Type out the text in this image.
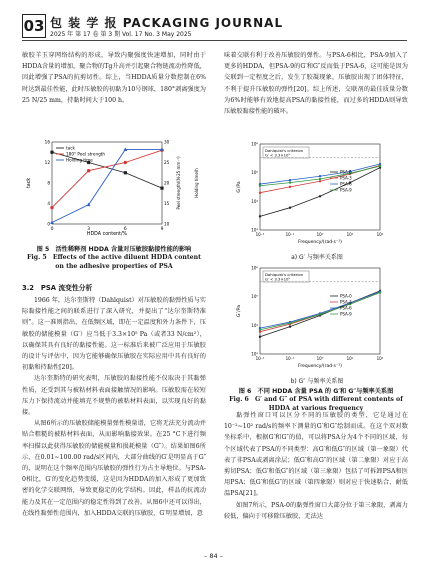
03 包 装 学 报 PACKAGING JOURNAL
2025 年 第 17 卷 第 3 期 Vol. 17 No. 3 May 2025

敏胶羊玉穿网络结构的形成，导致内聚强度快速增加，同时由于HDDA含量的增加，聚合物的Tg升高并引起聚合物链流动性降低，因此增强了PSA的抗剪切性。综上，当HDDA质量分数控制在6%时达到最佳性能，此时压敏胶的初黏为10号钢球，180°剥离强度为25 N/25 mm，持黏时间大于100 h。

0	3	6	9
0
4
8
12
16
10
15
20
25
30
tack
180° Peel strength
Holding time
HDDA content/%
tack	Peel strength/(N·25 mm⁻¹)	Holding time/h
图 5　活性稀释剂 HDDA 含量对压敏胶黏接性能的影响
Fig. 5　Effects of the active diluent HDDA content on the adhesive properties of PSA
3.2　PSA 流变性分析

1966 年，达尔奎斯特（Dahlquist）对压敏胶的黏弹性质与实际黏接性能之间的联系进行了深入研究，并提出了“达尔奎斯特准则”。这一准则指出，在低频区域，即在一定温度和外力条件下，压敏胶的储能模量（G′）应当低于3.3×10⁵ Pa（或者33 N/cm²），以确保其具有良好的黏接性能。这一标准后来被广泛应用于压敏胶的设计与评估中，因为它能够确保压敏胶在实际应用中具有良好的初黏和持黏性[20]。

达尔奎斯特的研究表明，压敏胶的黏接性能不仅取决于其黏弹性质，还受到其与被粘材料表面接触情况的影响。压敏胶需在较短压力下保持流动并能填充不规整的被粘材料表面，以实现良好的黏接。

从图6所示的压敏胶储能模量弹性模量谱，它将无法充分流动并贴合粗糙的被粘材料表面，从而影响黏接效果。在25 °C下进行频率扫描以此获得压敏胶的储能模量和损耗模量（G″）。结果如图6所示，在0.01~100.00 rad/s区间内，大部分曲线的G′是明显高于G″的，说明在这个频率范围内压敏胶的弹性行为占主导地位。与PSA-0相比，G′的变化趋势变缓，这是因为HDDA的加入形成了更加致密的化学交联网络，导致更稳定的化学结构。因此，样品的抗流动能力及其在一定范围内的稳定性得到了改善。从图6中还可以得出，在线性黏弹性范围内，加入HDDA交联的压敏胶，G′明显增加，意

味着交联有利于改善压敏胶的弹性。与PSA-6相比，PSA-9加入了更多的HDDA，但PSA-9的G′和G″反而低于PSA-6，这可能是因为交联到一定程度之后，发生了胶凝现象，压敏胶出现了团体特征，不利于提升压敏胶的弹性[20]。综上所述，交联剂的最佳质量分数为6%时能够有效地提高PSA的黏接性能，而过多的HDDA则导致压敏胶黏接性能的破坏。

Dahlquist's criterion
G′ < 3.3×10⁵
PSA-0
PSA-3
PSA-6
PSA-9
10⁻²	10⁻¹	10⁰	10¹	10²
10³
10⁴
10⁵
10⁶
Frequency/(rad·s⁻¹)
G′/Pa
a) G′ 与频率关系图
Dahlquist's criterion
G′ < 3.3×10⁵
PSA-0
PSA-3
PSA-6
PSA-9
10⁻²	10⁻¹	10⁰	10¹	10²
10³
10⁴
10⁵
10⁶
Frequency/(rad·s⁻¹)
G″/Pa
b) G″ 与频率关系图
图 6　不同 HDDA 含量 PSA 的 G′和 G″与频率关系图
Fig. 6　G′ and G″ of PSA with different contents of HDDA at various frequency

黏弹性窗口可以区分不同的压敏胶的类型，它是通过在10⁻²~10² rad/s的频率下测量的G′和G″绘制而成。在这个双对数坐标系中，根据G′和G″的值，可以将PSA分为4个不同的区域，每个区域代表了PSA的不同类型：高G′和低G″的区域（第一象限）代表了非PSA或剥离涂层；低G′和高G″的区域（第二象限）对应于高剪切PSA；低G′和低G″的区域（第三象限）包括了可拆卸PSA和医用PSA；低G′和低G″的区域（第四象限）则对应于快速粘合、耐低温PSA[21]。

如图7所示，PSA-0的黏弹性窗口大部分位于第三象限，剥离力较低，偏向于可移除压敏胶，无法达

– 84 –
